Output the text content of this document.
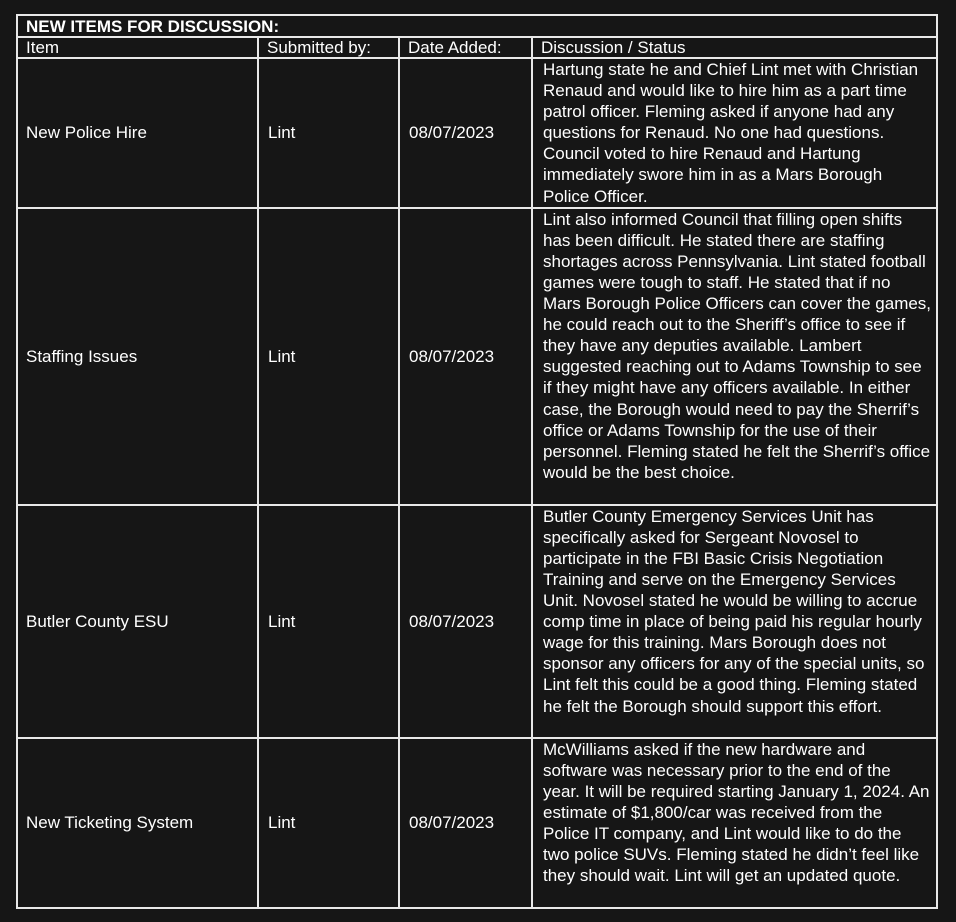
NEW ITEMS FOR DISCUSSION:			
Item	Submitted by:	Date Added:	Discussion / Status
New Police Hire	Lint	08/07/2023	Hartung state he and Chief Lint met with Christian Renaud and would like to hire him as a part time patrol officer. Fleming asked if anyone had any questions for Renaud. No one had questions. Council voted to hire Renaud and Hartung immediately swore him in as a Mars Borough Police Officer.
Staffing Issues	Lint	08/07/2023	Lint also informed Council that filling open shifts has been difficult. He stated there are staffing shortages across Pennsylvania. Lint stated football games were tough to staff. He stated that if no Mars Borough Police Officers can cover the games, he could reach out to the Sheriff’s office to see if they have any deputies available. Lambert suggested reaching out to Adams Township to see if they might have any officers available. In either case, the Borough would need to pay the Sherrif’s office or Adams Township for the use of their personnel. Fleming stated he felt the Sherrif’s office would be the best choice.
Butler County ESU	Lint	08/07/2023	Butler County Emergency Services Unit has specifically asked for Sergeant Novosel to participate in the FBI Basic Crisis Negotiation Training and serve on the Emergency Services Unit. Novosel stated he would be willing to accrue comp time in place of being paid his regular hourly wage for this training. Mars Borough does not sponsor any officers for any of the special units, so Lint felt this could be a good thing. Fleming stated he felt the Borough should support this effort.
New Ticketing System	Lint	08/07/2023	McWilliams asked if the new hardware and software was necessary prior to the end of the year. It will be required starting January 1, 2024. An estimate of $1,800/car was received from the Police IT company, and Lint would like to do the two police SUVs. Fleming stated he didn’t feel like they should wait. Lint will get an updated quote.
